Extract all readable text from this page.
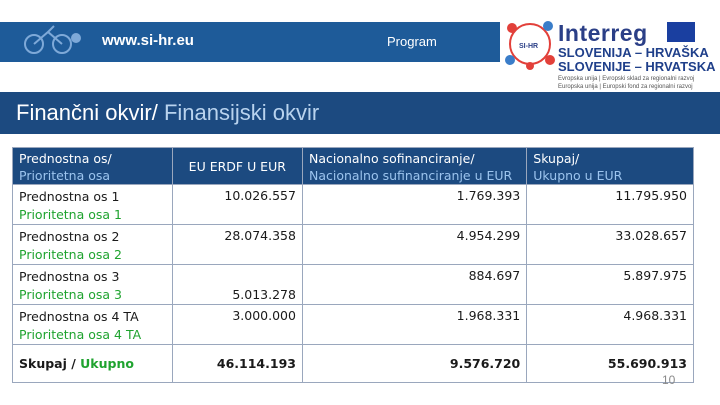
www.si-hr.eu	Program	SI-HR
Interreg
SLOVENIJA – HRVAŠKA
SLOVENIJE – HRVATSKA
Evropska unija | Evropski sklad za regionalni razvoj
Europska unija | Europski fond za regionalni razvoj
Finančni okvir/ Finansijski okvir
Prednostna os/
Prioritetna osa	EU ERDF U EUR	Nacionalno sofinanciranje/
Nacionalno sufinanciranje u EUR	Skupaj/
Ukupno u EUR
Prednostna os 1
Prioritetna osa 1	10.026.557	1.769.393	11.795.950
Prednostna os 2
Prioritetna osa 2	28.074.358	4.954.299	33.028.657
Prednostna os 3
Prioritetna osa 3	5.013.278	884.697	5.897.975
Prednostna os 4 TA
Prioritetna osa 4 TA	3.000.000	1.968.331	4.968.331
Skupaj / Ukupno	46.114.193	9.576.720	55.690.913
10
